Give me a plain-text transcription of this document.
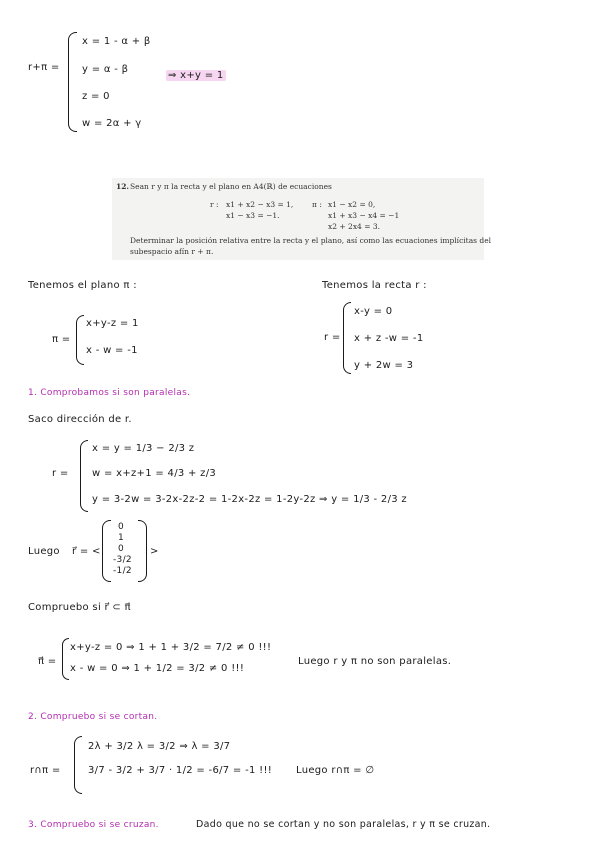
r+π =
x = 1 - α + β
y = α - β
z = 0
w = 2α + γ
⇒ x+y = 1
12. Sean r y π la recta y el plano en A4(ℝ) de ecuaciones
r : x1 + x2 − x3 = 1,
x1 − x3 = −1.
π : x1 − x2 = 0,
x1 + x3 − x4 = −1
x2 + 2x4 = 3.
Determinar la posición relativa entre la recta y el plano, así como las ecuaciones implícitas del
subespacio afín r + π.
Tenemos el plano π :
π =
x+y-z = 1
x - w = -1
Tenemos la recta r :
r =
x-y = 0
x + z -w = -1
y + 2w = 3
1. Comprobamos si son paralelas.
Saco dirección de r.
r =
x = y = 1/3 − 2/3 z
w = x+z+1 = 4/3 + z/3
y = 3-2w = 3-2x-2z-2 = 1-2x-2z = 1-2y-2z ⇒ y = 1/3 - 2/3 z
Luego r⃗ = <
0
1
0
-3/2
-1/2
>
Compruebo si r⃗ ⊂ π⃗
π⃗ =
x+y-z = 0 ⇒ 1 + 1 + 3/2 = 7/2 ≠ 0 !!!
x - w = 0 ⇒ 1 + 1/2 = 3/2 ≠ 0 !!!
Luego r y π no son paralelas.
2. Compruebo si se cortan.
r∩π =
2λ + 3/2 λ = 3/2 ⇒ λ = 3/7
3/7 - 3/2 + 3/7 · 1/2 = -6/7 = -1 !!! Luego r∩π = ∅
3. Compruebo si se cruzan.	Dado que no se cortan y no son paralelas, r y π se cruzan.
